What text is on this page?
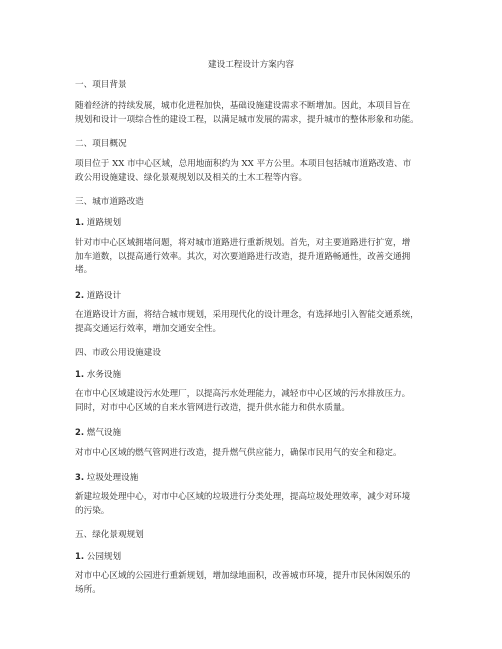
建设工程设计方案内容

一、项目背景

随着经济的持续发展，城市化进程加快，基础设施建设需求不断增加。因此，本项目旨在

规划和设计一项综合性的建设工程，以满足城市发展的需求，提升城市的整体形象和功能。

二、项目概况

项目位于 XX 市中心区域，总用地面积约为 XX 平方公里。本项目包括城市道路改造、市

政公用设施建设、绿化景观规划以及相关的土木工程等内容。

三、城市道路改造

1. 道路规划

针对市中心区域拥堵问题，将对城市道路进行重新规划。首先，对主要道路进行扩宽，增

加车道数，以提高通行效率。其次，对次要道路进行改造，提升道路畅通性，改善交通拥

堵。

2. 道路设计

在道路设计方面，将结合城市规划，采用现代化的设计理念，有选择地引入智能交通系统，

提高交通运行效率，增加交通安全性。

四、市政公用设施建设

1. 水务设施

在市中心区域建设污水处理厂，以提高污水处理能力，减轻市中心区域的污水排放压力。

同时，对市中心区域的自来水管网进行改造，提升供水能力和供水质量。

2. 燃气设施

对市中心区域的燃气管网进行改造，提升燃气供应能力，确保市民用气的安全和稳定。

3. 垃圾处理设施

新建垃圾处理中心，对市中心区域的垃圾进行分类处理，提高垃圾处理效率，减少对环境

的污染。

五、绿化景观规划

1. 公园规划

对市中心区域的公园进行重新规划，增加绿地面积，改善城市环境，提升市民休闲娱乐的

场所。
